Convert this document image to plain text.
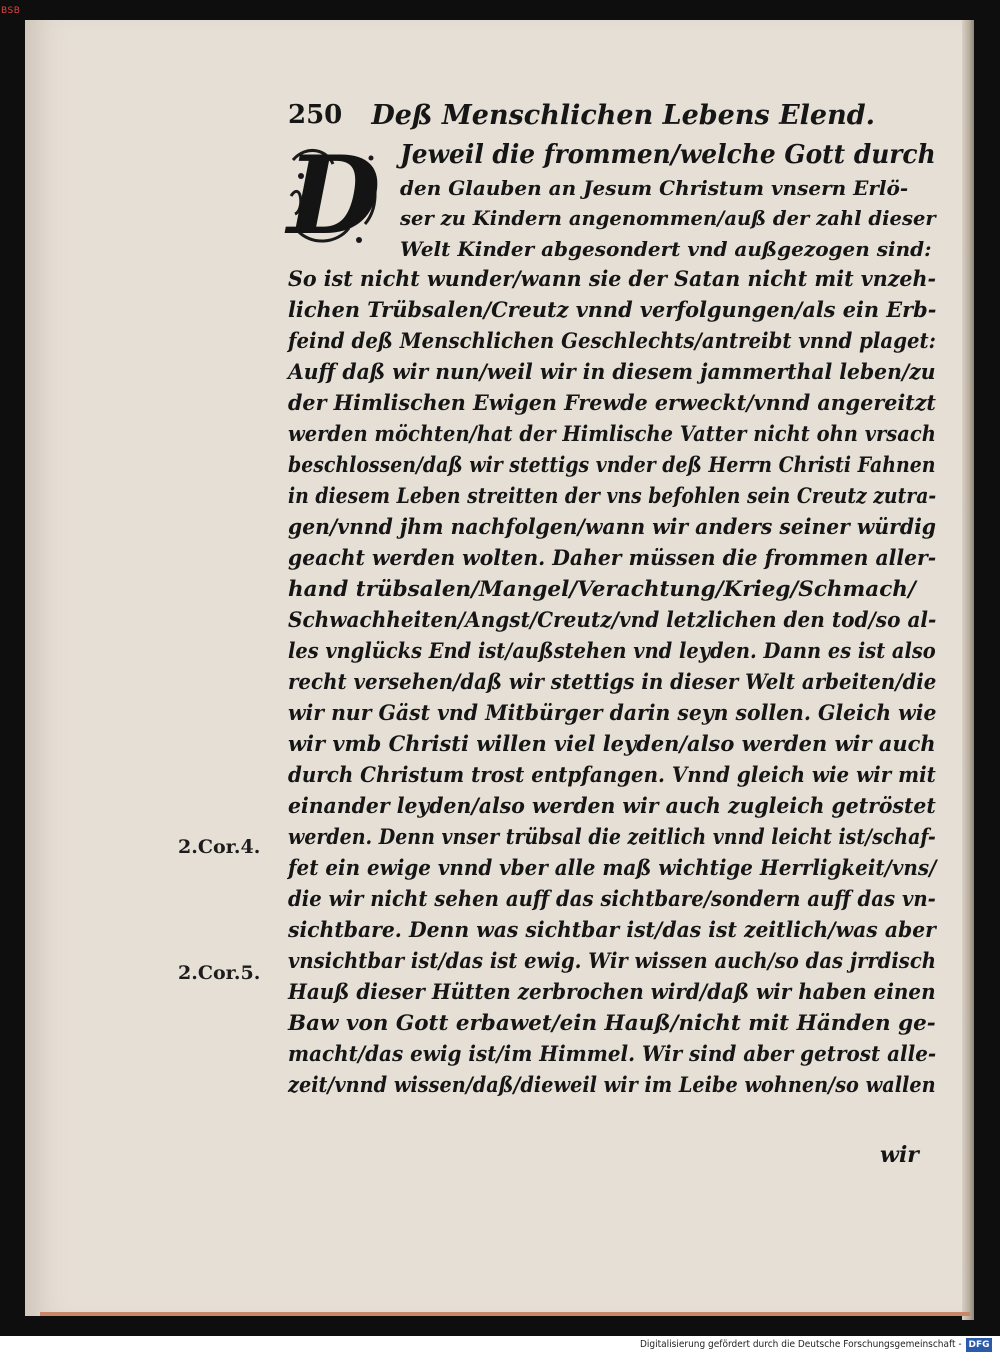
BSB
250 Deß Menschlichen Lebens Elend.
D Jeweil die frommen/welche Gott durch
den Glauben an Jesum Christum vnsern Erlö-
ser zu Kindern angenommen/auß der zahl dieser
Welt Kinder abgesondert vnd außgezogen sind:
So ist nicht wunder/wann sie der Satan nicht mit vnzeh-
lichen Trübsalen/Creutz vnnd verfolgungen/als ein Erb-
feind deß Menschlichen Geschlechts/antreibt vnnd plaget:
Auff daß wir nun/weil wir in diesem jammerthal leben/zu
der Himlischen Ewigen Frewde erweckt/vnnd angereitzt
werden möchten/hat der Himlische Vatter nicht ohn vrsach
beschlossen/daß wir stettigs vnder deß Herrn Christi Fahnen
in diesem Leben streitten der vns befohlen sein Creutz zutra-
gen/vnnd jhm nachfolgen/wann wir anders seiner würdig
geacht werden wolten. Daher müssen die frommen aller-
hand trübsalen/Mangel/Verachtung/Krieg/Schmach/
Schwachheiten/Angst/Creutz/vnd letzlichen den tod/so al-
les vnglücks End ist/außstehen vnd leyden. Dann es ist also
recht versehen/daß wir stettigs in dieser Welt arbeiten/die
wir nur Gäst vnd Mitbürger darin seyn sollen. Gleich wie
wir vmb Christi willen viel leyden/also werden wir auch
durch Christum trost entpfangen. Vnnd gleich wie wir mit
einander leyden/also werden wir auch zugleich getröstet
werden. Denn vnser trübsal die zeitlich vnnd leicht ist/schaf-
fet ein ewige vnnd vber alle maß wichtige Herrligkeit/vns/
die wir nicht sehen auff das sichtbare/sondern auff das vn-
sichtbare. Denn was sichtbar ist/das ist zeitlich/was aber
vnsichtbar ist/das ist ewig. Wir wissen auch/so das jrrdisch
Hauß dieser Hütten zerbrochen wird/daß wir haben einen
Baw von Gott erbawet/ein Hauß/nicht mit Händen ge-
macht/das ewig ist/im Himmel. Wir sind aber getrost alle-
zeit/vnnd wissen/daß/dieweil wir im Leibe wohnen/so wallen
2.Cor.4.
2.Cor.5.
wir
Digitalisierung gefördert durch die Deutsche Forschungsgemeinschaft - DFG
